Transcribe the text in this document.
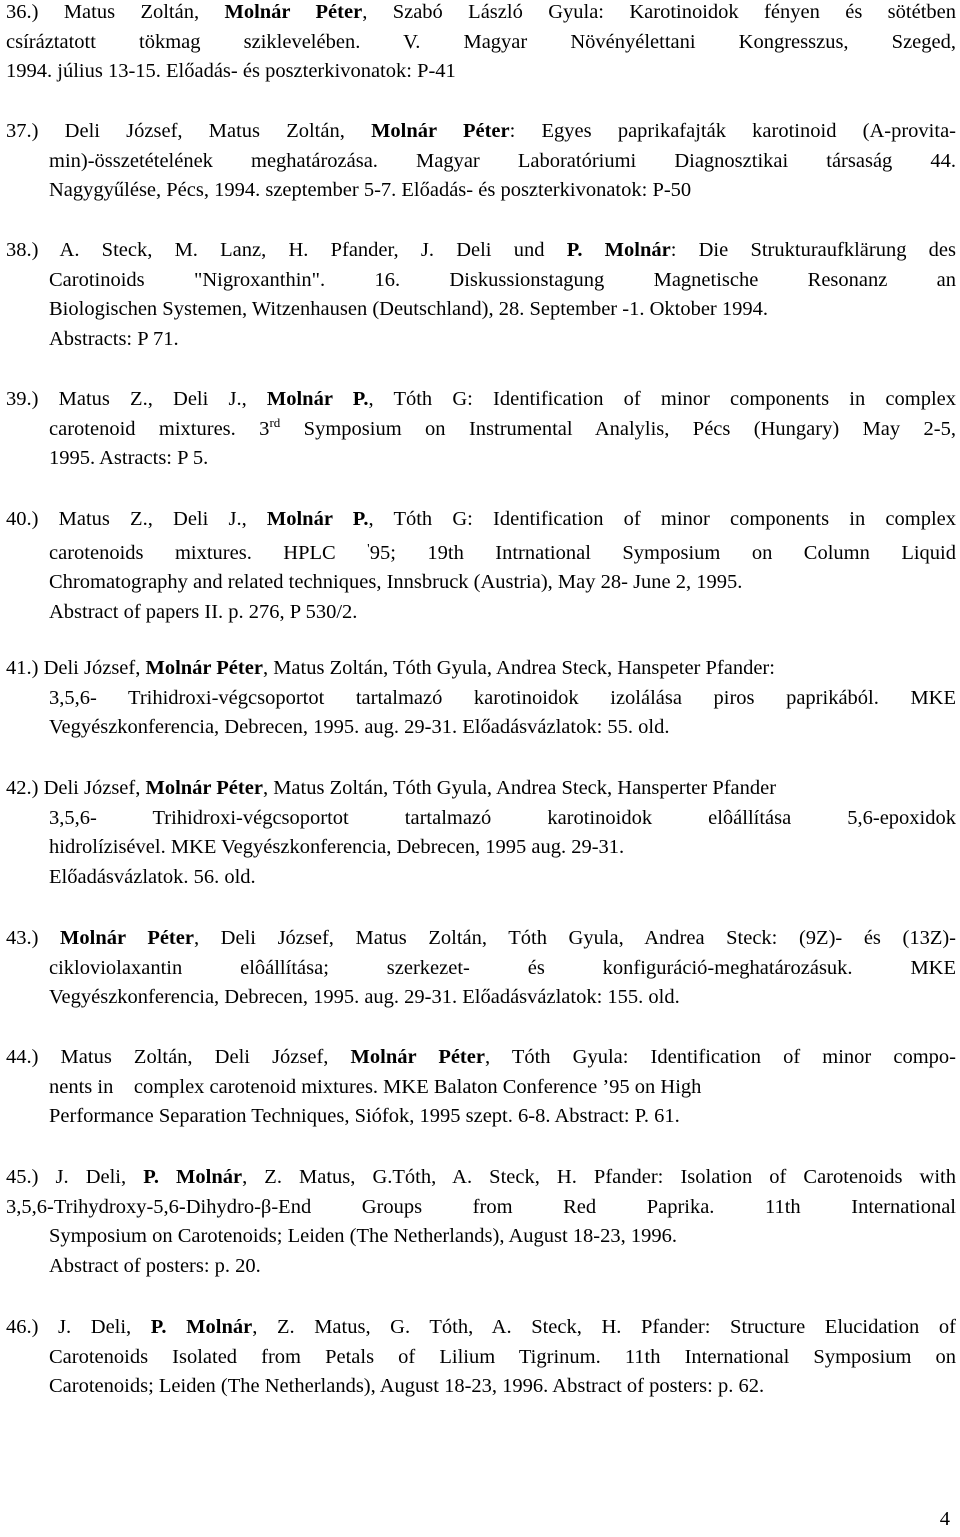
36.) Matus Zoltán, Molnár Péter, Szabó László Gyula: Karotinoidok fényen és sötétben
csíráztatott tökmag sziklevelében. V. Magyar Növényélettani Kongresszus, Szeged,
1994. július 13-15. Előadás- és poszterkivonatok: P-41
37.) Deli József, Matus Zoltán, Molnár Péter: Egyes paprikafajták karotinoid (A-provita-
min)-összetételének meghatározása. Magyar Laboratóriumi Diagnosztikai társaság 44.
Nagygyűlése, Pécs, 1994. szeptember 5-7. Előadás- és poszterkivonatok: P-50
38.) A. Steck, M. Lanz, H. Pfander, J. Deli und P. Molnár: Die Strukturaufklärung des
Carotinoids "Nigroxanthin". 16. Diskussionstagung Magnetische Resonanz an
Biologischen Systemen, Witzenhausen (Deutschland), 28. September -1. Oktober 1994.
Abstracts: P 71.
39.) Matus Z., Deli J., Molnár P., Tóth G: Identification of minor components in complex
carotenoid mixtures. 3rd Symposium on Instrumental Analylis, Pécs (Hungary) May 2-5,
1995. Astracts: P 5.
40.) Matus Z., Deli J., Molnár P., Tóth G: Identification of minor components in complex
carotenoids mixtures. HPLC '95; 19th Intrnational Symposium on Column Liquid
Chromatography and related techniques, Innsbruck (Austria), May 28- June 2, 1995.
Abstract of papers II. p. 276, P 530/2.
41.) Deli József, Molnár Péter, Matus Zoltán, Tóth Gyula, Andrea Steck, Hanspeter Pfander:
3,5,6- Trihidroxi-végcsoportot tartalmazó karotinoidok izolálása piros paprikából. MKE
Vegyészkonferencia, Debrecen, 1995. aug. 29-31. Előadásvázlatok: 55. old.
42.) Deli József, Molnár Péter, Matus Zoltán, Tóth Gyula, Andrea Steck, Hansperter Pfander
3,5,6- Trihidroxi-végcsoportot tartalmazó karotinoidok elôállítása 5,6-epoxidok
hidrolízisével. MKE Vegyészkonferencia, Debrecen, 1995 aug. 29-31.
Előadásvázlatok. 56. old.
43.) Molnár Péter, Deli József, Matus Zoltán, Tóth Gyula, Andrea Steck: (9Z)- és (13Z)-
cikloviolaxantin elôállítása; szerkezet- és konfiguráció-meghatározásuk. MKE
Vegyészkonferencia, Debrecen, 1995. aug. 29-31. Előadásvázlatok: 155. old.
44.) Matus Zoltán, Deli József, Molnár Péter, Tóth Gyula: Identification of minor compo-
nents in    complex carotenoid mixtures. MKE Balaton Conference ’95 on High
Performance Separation Techniques, Siófok, 1995 szept. 6-8. Abstract: P. 61.
45.) J. Deli, P. Molnár, Z. Matus, G.Tóth, A. Steck, H. Pfander: Isolation of Carotenoids with
3,5,6-Trihydroxy-5,6-Dihydro-β-End Groups from Red Paprika. 11th International
Symposium on Carotenoids; Leiden (The Netherlands), August 18-23, 1996.
Abstract of posters: p. 20.
46.) J. Deli, P. Molnár, Z. Matus, G. Tóth, A. Steck, H. Pfander: Structure Elucidation of
Carotenoids Isolated from Petals of Lilium Tigrinum. 11th International Symposium on
Carotenoids; Leiden (The Netherlands), August 18-23, 1996. Abstract of posters: p. 62.
4
